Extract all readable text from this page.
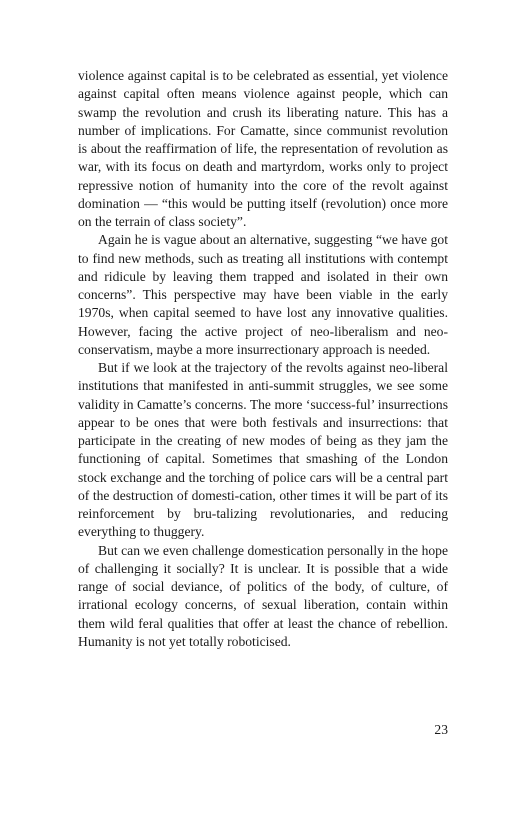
violence against capital is to be celebrated as essential, yet violence against capital often means violence against people, which can swamp the revolution and crush its liberating nature. This has a number of implications. For Camatte, since communist revolution is about the reaffirmation of life, the representation of revolution as war, with its focus on death and martyrdom, works only to project repressive notion of humanity into the core of the revolt against domination — “this would be putting itself (revolution) once more on the terrain of class society”.

Again he is vague about an alternative, suggesting “we have got to find new methods, such as treating all institutions with contempt and ridicule by leaving them trapped and isolated in their own concerns”. This perspective may have been viable in the early 1970s, when capital seemed to have lost any innovative qualities. However, facing the active project of neo-liberalism and neo-conservatism, maybe a more insurrectionary approach is needed.

But if we look at the trajectory of the revolts against neo-liberal institutions that manifested in anti-summit struggles, we see some validity in Camatte’s concerns. The more ‘success-ful’ insurrections appear to be ones that were both festivals and insurrections: that participate in the creating of new modes of being as they jam the functioning of capital. Sometimes that smashing of the London stock exchange and the torching of police cars will be a central part of the destruction of domesti-cation, other times it will be part of its reinforcement by bru-talizing revolutionaries, and reducing everything to thuggery.

But can we even challenge domestication personally in the hope of challenging it socially? It is unclear. It is possible that a wide range of social deviance, of politics of the body, of culture, of irrational ecology concerns, of sexual liberation, contain within them wild feral qualities that offer at least the chance of rebellion. Humanity is not yet totally roboticised.

23
